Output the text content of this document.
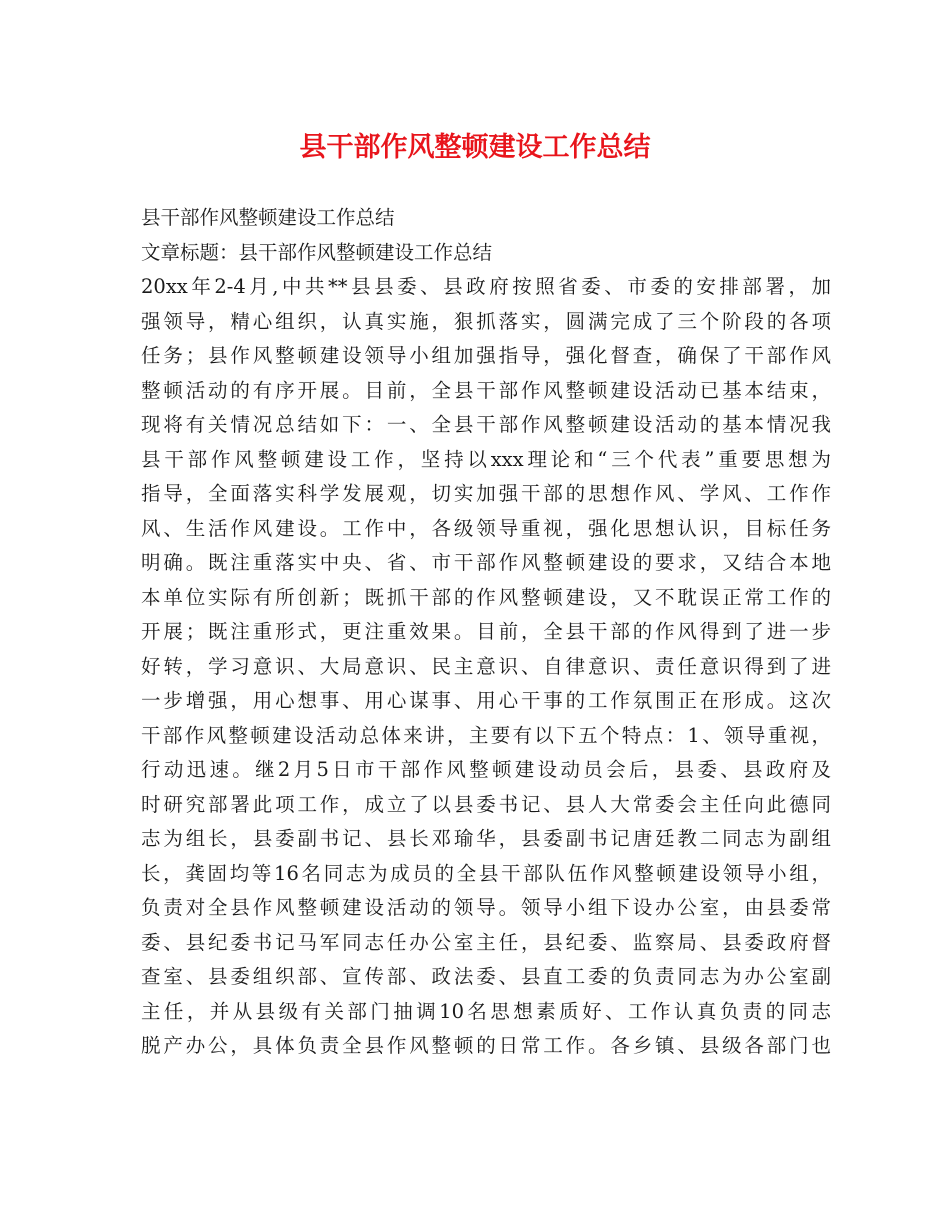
县干部作风整顿建设工作总结
县干部作风整顿建设工作总结
文章标题：县干部作风整顿建设工作总结
20xx年2-4月,中共**县县委、县政府按照省委、市委的安排部署，加
强领导，精心组织，认真实施，狠抓落实，圆满完成了三个阶段的各项
任务；县作风整顿建设领导小组加强指导，强化督查，确保了干部作风
整顿活动的有序开展。目前，全县干部作风整顿建设活动已基本结束，
现将有关情况总结如下：一、全县干部作风整顿建设活动的基本情况我
县干部作风整顿建设工作，坚持以xxx理论和“三个代表”重要思想为
指导，全面落实科学发展观，切实加强干部的思想作风、学风、工作作
风、生活作风建设。工作中，各级领导重视，强化思想认识，目标任务
明确。既注重落实中央、省、市干部作风整顿建设的要求，又结合本地
本单位实际有所创新；既抓干部的作风整顿建设，又不耽误正常工作的
开展；既注重形式，更注重效果。目前，全县干部的作风得到了进一步
好转，学习意识、大局意识、民主意识、自律意识、责任意识得到了进
一步增强，用心想事、用心谋事、用心干事的工作氛围正在形成。这次
干部作风整顿建设活动总体来讲，主要有以下五个特点：1、领导重视，
行动迅速。继2月5日市干部作风整顿建设动员会后，县委、县政府及
时研究部署此项工作，成立了以县委书记、县人大常委会主任向此德同
志为组长，县委副书记、县长邓瑜华，县委副书记唐廷教二同志为副组
长，龚固均等16名同志为成员的全县干部队伍作风整顿建设领导小组，
负责对全县作风整顿建设活动的领导。领导小组下设办公室，由县委常
委、县纪委书记马军同志任办公室主任，县纪委、监察局、县委政府督
查室、县委组织部、宣传部、政法委、县直工委的负责同志为办公室副
主任，并从县级有关部门抽调10名思想素质好、工作认真负责的同志
脱产办公，具体负责全县作风整顿的日常工作。各乡镇、县级各部门也
